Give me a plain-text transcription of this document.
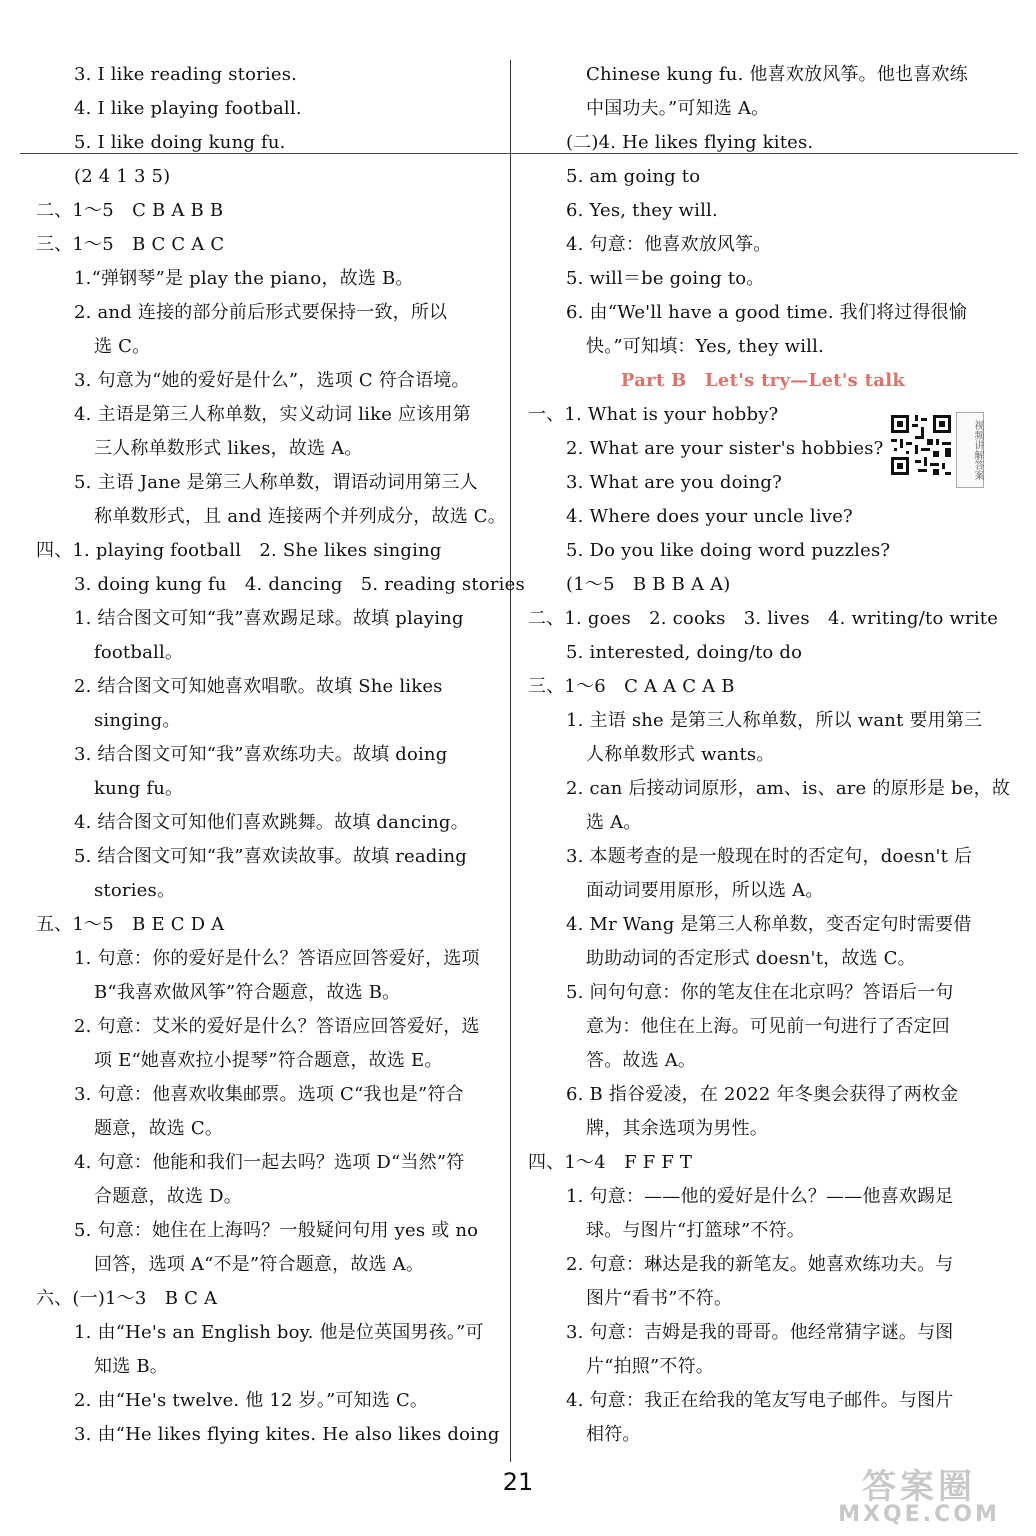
3. I like reading stories.
4. I like playing football.
5. I like doing kung fu.
(2 4 1 3 5)
二、1～5　C B A B B
三、1～5　B C C A C
1.“弹钢琴”是 play the piano，故选 B。
2. and 连接的部分前后形式要保持一致，所以
选 C。
3. 句意为“她的爱好是什么”，选项 C 符合语境。
4. 主语是第三人称单数，实义动词 like 应该用第
三人称单数形式 likes，故选 A。
5. 主语 Jane 是第三人称单数，谓语动词用第三人
称单数形式，且 and 连接两个并列成分，故选 C。
四、1. playing football　2. She likes singing
3. doing kung fu　4. dancing　5. reading stories
1. 结合图文可知“我”喜欢踢足球。故填 playing
football。
2. 结合图文可知她喜欢唱歌。故填 She likes
singing。
3. 结合图文可知“我”喜欢练功夫。故填 doing
kung fu。
4. 结合图文可知他们喜欢跳舞。故填 dancing。
5. 结合图文可知“我”喜欢读故事。故填 reading
stories。
五、1～5　B E C D A
1. 句意：你的爱好是什么？答语应回答爱好，选项
B“我喜欢做风筝”符合题意，故选 B。
2. 句意：艾米的爱好是什么？答语应回答爱好，选
项 E“她喜欢拉小提琴”符合题意，故选 E。
3. 句意：他喜欢收集邮票。选项 C“我也是”符合
题意，故选 C。
4. 句意：他能和我们一起去吗？选项 D“当然”符
合题意，故选 D。
5. 句意：她住在上海吗？一般疑问句用 yes 或 no
回答，选项 A“不是”符合题意，故选 A。
六、(一)1～3　B C A
1. 由“He's an English boy. 他是位英国男孩。”可
知选 B。
2. 由“He's twelve. 他 12 岁。”可知选 C。
3. 由“He likes flying kites. He also likes doing
Chinese kung fu. 他喜欢放风筝。他也喜欢练
中国功夫。”可知选 A。
(二)4. He likes flying kites.
5. am going to
6. Yes, they will.
4. 句意：他喜欢放风筝。
5. will＝be going to。
6. 由“We'll have a good time. 我们将过得很愉
快。”可知填：Yes, they will.
Part B　Let's try—Let's talk
一、1. What is your hobby?
2. What are your sister's hobbies?
3. What are you doing?
4. Where does your uncle live?
5. Do you like doing word puzzles?
(1～5　B B B A A)
二、1. goes　2. cooks　3. lives　4. writing/to write
5. interested, doing/to do
三、1～6　C A A C A B
1. 主语 she 是第三人称单数，所以 want 要用第三
人称单数形式 wants。
2. can 后接动词原形，am、is、are 的原形是 be，故
选 A。
3. 本题考查的是一般现在时的否定句，doesn't 后
面动词要用原形，所以选 A。
4. Mr Wang 是第三人称单数，变否定句时需要借
助助动词的否定形式 doesn't，故选 C。
5. 问句句意：你的笔友住在北京吗？答语后一句
意为：他住在上海。可见前一句进行了否定回
答。故选 A。
6. B 指谷爱凌，在 2022 年冬奥会获得了两枚金
牌，其余选项为男性。
四、1～4　F F F T
1. 句意：——他的爱好是什么？——他喜欢踢足
球。与图片“打篮球”不符。
2. 句意：琳达是我的新笔友。她喜欢练功夫。与
图片“看书”不符。
3. 句意：吉姆是我的哥哥。他经常猜字谜。与图
片“拍照”不符。
4. 句意：我正在给我的笔友写电子邮件。与图片
相符。
视频讲解答案
21	答案圈
MXQE.COM
